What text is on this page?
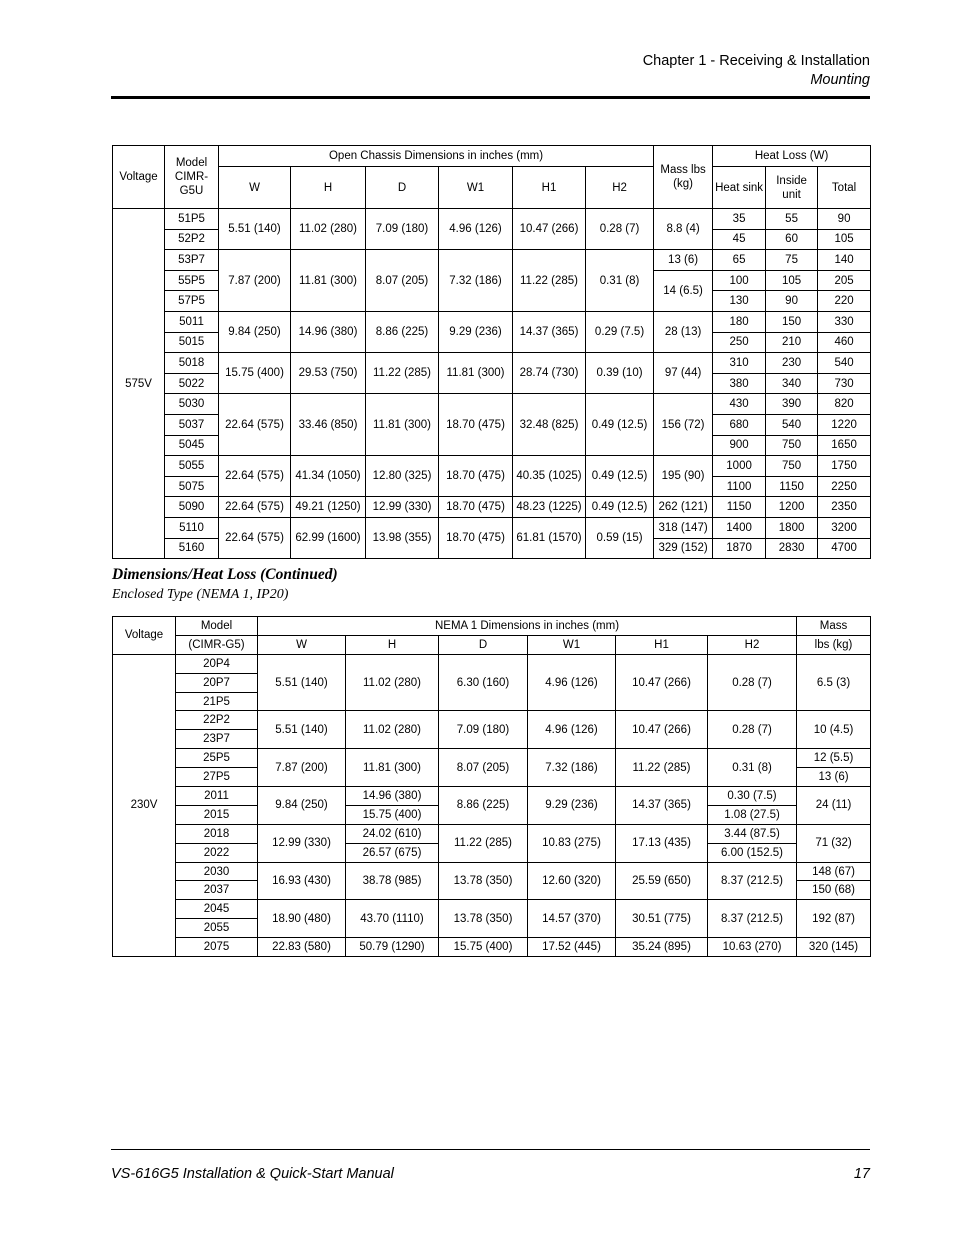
Chapter 1 - Receiving & Installation
Mounting
Voltage	Model CIMR-G5U	Open Chassis Dimensions in inches (mm)						Mass lbs (kg)	Heat Loss (W)		
		W	H	D	W1	H1	H2		Heat sink	Inside unit	Total
575V	51P5	5.51 (140)	11.02 (280)	7.09 (180)	4.96 (126)	10.47 (266)	0.28 (7)	8.8 (4)	35	55	90
	52P2								45	60	105
	53P7	7.87 (200)	11.81 (300)	8.07 (205)	7.32 (186)	11.22 (285)	0.31 (8)	13 (6)	65	75	140
	55P5							14 (6.5)	100	105	205
	57P5								130	90	220
	5011	9.84 (250)	14.96 (380)	8.86 (225)	9.29 (236)	14.37 (365)	0.29 (7.5)	28 (13)	180	150	330
	5015								250	210	460
	5018	15.75 (400)	29.53 (750)	11.22 (285)	11.81 (300)	28.74 (730)	0.39 (10)	97 (44)	310	230	540
	5022								380	340	730
	5030	22.64 (575)	33.46 (850)	11.81 (300)	18.70 (475)	32.48 (825)	0.49 (12.5)	156 (72)	430	390	820
	5037								680	540	1220
	5045								900	750	1650
	5055	22.64 (575)	41.34 (1050)	12.80 (325)	18.70 (475)	40.35 (1025)	0.49 (12.5)	195 (90)	1000	750	1750
	5075								1100	1150	2250
	5090	22.64 (575)	49.21 (1250)	12.99 (330)	18.70 (475)	48.23 (1225)	0.49 (12.5)	262 (121)	1150	1200	2350
	5110	22.64 (575)	62.99 (1600)	13.98 (355)	18.70 (475)	61.81 (1570)	0.59 (15)	318 (147)	1400	1800	3200
	5160							329 (152)	1870	2830	4700
Dimensions/Heat Loss (Continued)
Enclosed Type (NEMA 1, IP20)
Voltage	Model	NEMA 1 Dimensions in inches (mm)						Mass
	(CIMR-G5)	W	H	D	W1	H1	H2	lbs (kg)
230V	20P4	5.51 (140)	11.02 (280)	6.30 (160)	4.96 (126)	10.47 (266)	0.28 (7)	6.5 (3)
	20P7							
	21P5							
	22P2	5.51 (140)	11.02 (280)	7.09 (180)	4.96 (126)	10.47 (266)	0.28 (7)	10 (4.5)
	23P7							
	25P5	7.87 (200)	11.81 (300)	8.07 (205)	7.32 (186)	11.22 (285)	0.31 (8)	12 (5.5)
	27P5							13 (6)
	2011	9.84 (250)	14.96 (380)	8.86 (225)	9.29 (236)	14.37 (365)	0.30 (7.5)	24 (11)
	2015		15.75 (400)				1.08 (27.5)	
	2018	12.99 (330)	24.02 (610)	11.22 (285)	10.83 (275)	17.13 (435)	3.44 (87.5)	71 (32)
	2022		26.57 (675)				6.00 (152.5)	
	2030	16.93 (430)	38.78 (985)	13.78 (350)	12.60 (320)	25.59 (650)	8.37 (212.5)	148 (67)
	2037							150 (68)
	2045	18.90 (480)	43.70 (1110)	13.78 (350)	14.57 (370)	30.51 (775)	8.37 (212.5)	192 (87)
	2055							
	2075	22.83 (580)	50.79 (1290)	15.75 (400)	17.52 (445)	35.24 (895)	10.63 (270)	320 (145)
VS-616G5 Installation & Quick-Start Manual	17
